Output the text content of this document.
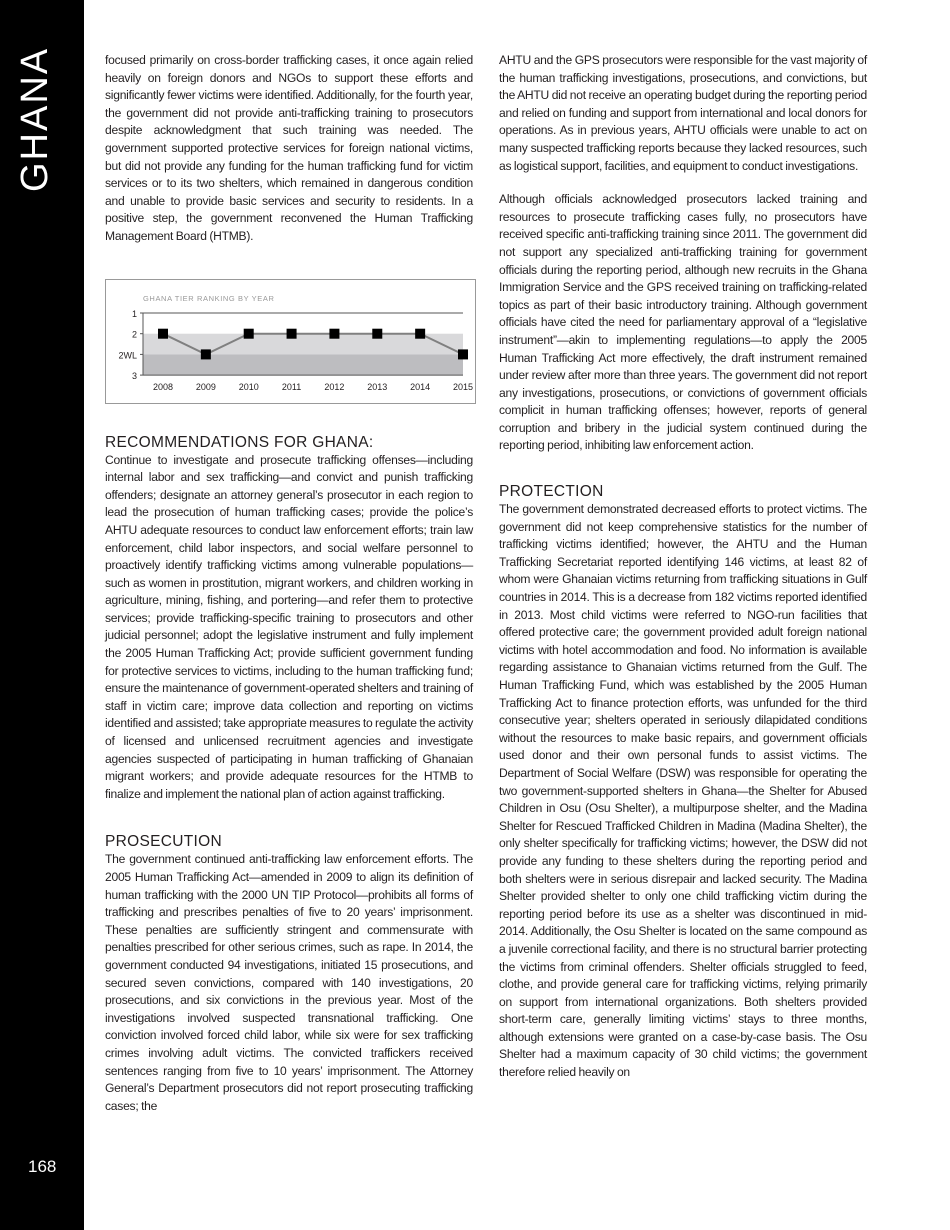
GHANA
168

focused primarily on cross-border trafficking cases, it once again relied heavily on foreign donors and NGOs to support these efforts and significantly fewer victims were identified. Additionally, for the fourth year, the government did not provide anti-trafficking training to prosecutors despite acknowledgment that such training was needed. The government supported protective services for foreign national victims, but did not provide any funding for the human trafficking fund for victim services or to its two shelters, which remained in dangerous condition and unable to provide basic services and security to residents. In a positive step, the government reconvened the Human Trafficking Management Board (HTMB).

GHANA TIER RANKING BY YEAR
1
2
2WL
3
2008	2009	2010	2011	2012	2013	2014	2015
RECOMMENDATIONS FOR GHANA:

Continue to investigate and prosecute trafficking offenses—including internal labor and sex trafficking—and convict and punish trafficking offenders; designate an attorney general’s prosecutor in each region to lead the prosecution of human trafficking cases; provide the police’s AHTU adequate resources to conduct law enforcement efforts; train law enforcement, child labor inspectors, and social welfare personnel to proactively identify trafficking victims among vulnerable populations—such as women in prostitution, migrant workers, and children working in agriculture, mining, fishing, and portering—and refer them to protective services; provide trafficking-specific training to prosecutors and other judicial personnel; adopt the legislative instrument and fully implement the 2005 Human Trafficking Act; provide sufficient government funding for protective services to victims, including to the human trafficking fund; ensure the maintenance of government-operated shelters and training of staff in victim care; improve data collection and reporting on victims identified and assisted; take appropriate measures to regulate the activity of licensed and unlicensed recruitment agencies and investigate agencies suspected of participating in human trafficking of Ghanaian migrant workers; and provide adequate resources for the HTMB to finalize and implement the national plan of action against trafficking.

PROSECUTION

The government continued anti-trafficking law enforcement efforts. The 2005 Human Trafficking Act—amended in 2009 to align its definition of human trafficking with the 2000 UN TIP Protocol—prohibits all forms of trafficking and prescribes penalties of five to 20 years’ imprisonment. These penalties are sufficiently stringent and commensurate with penalties prescribed for other serious crimes, such as rape. In 2014, the government conducted 94 investigations, initiated 15 prosecutions, and secured seven convictions, compared with 140 investigations, 20 prosecutions, and six convictions in the previous year. Most of the investigations involved suspected transnational trafficking. One conviction involved forced child labor, while six were for sex trafficking crimes involving adult victims. The convicted traffickers received sentences ranging from five to 10 years’ imprisonment. The Attorney General’s Department prosecutors did not report prosecuting trafficking cases; the

AHTU and the GPS prosecutors were responsible for the vast majority of the human trafficking investigations, prosecutions, and convictions, but the AHTU did not receive an operating budget during the reporting period and relied on funding and support from international and local donors for operations. As in previous years, AHTU officials were unable to act on many suspected trafficking reports because they lacked resources, such as logistical support, facilities, and equipment to conduct investigations.

Although officials acknowledged prosecutors lacked training and resources to prosecute trafficking cases fully, no prosecutors have received specific anti-trafficking training since 2011. The government did not support any specialized anti-trafficking training for government officials during the reporting period, although new recruits in the Ghana Immigration Service and the GPS received training on trafficking-related topics as part of their basic introductory training. Although government officials have cited the need for parliamentary approval of a “legislative instrument”—akin to implementing regulations—to apply the 2005 Human Trafficking Act more effectively, the draft instrument remained under review after more than three years. The government did not report any investigations, prosecutions, or convictions of government officials complicit in human trafficking offenses; however, reports of general corruption and bribery in the judicial system continued during the reporting period, inhibiting law enforcement action.

PROTECTION

The government demonstrated decreased efforts to protect victims. The government did not keep comprehensive statistics for the number of trafficking victims identified; however, the AHTU and the Human Trafficking Secretariat reported identifying 146 victims, at least 82 of whom were Ghanaian victims returning from trafficking situations in Gulf countries in 2014. This is a decrease from 182 victims reported identified in 2013. Most child victims were referred to NGO-run facilities that offered protective care; the government provided adult foreign national victims with hotel accommodation and food. No information is available regarding assistance to Ghanaian victims returned from the Gulf. The Human Trafficking Fund, which was established by the 2005 Human Trafficking Act to finance protection efforts, was unfunded for the third consecutive year; shelters operated in seriously dilapidated conditions without the resources to make basic repairs, and government officials used donor and their own personal funds to assist victims. The Department of Social Welfare (DSW) was responsible for operating the two government-supported shelters in Ghana—the Shelter for Abused Children in Osu (Osu Shelter), a multipurpose shelter, and the Madina Shelter for Rescued Trafficked Children in Madina (Madina Shelter), the only shelter specifically for trafficking victims; however, the DSW did not provide any funding to these shelters during the reporting period and both shelters were in serious disrepair and lacked security. The Madina Shelter provided shelter to only one child trafficking victim during the reporting period before its use as a shelter was discontinued in mid-2014. Additionally, the Osu Shelter is located on the same compound as a juvenile correctional facility, and there is no structural barrier protecting the victims from criminal offenders. Shelter officials struggled to feed, clothe, and provide general care for trafficking victims, relying primarily on support from international organizations. Both shelters provided short-term care, generally limiting victims’ stays to three months, although extensions were granted on a case-by-case basis. The Osu Shelter had a maximum capacity of 30 child victims; the government therefore relied heavily on
